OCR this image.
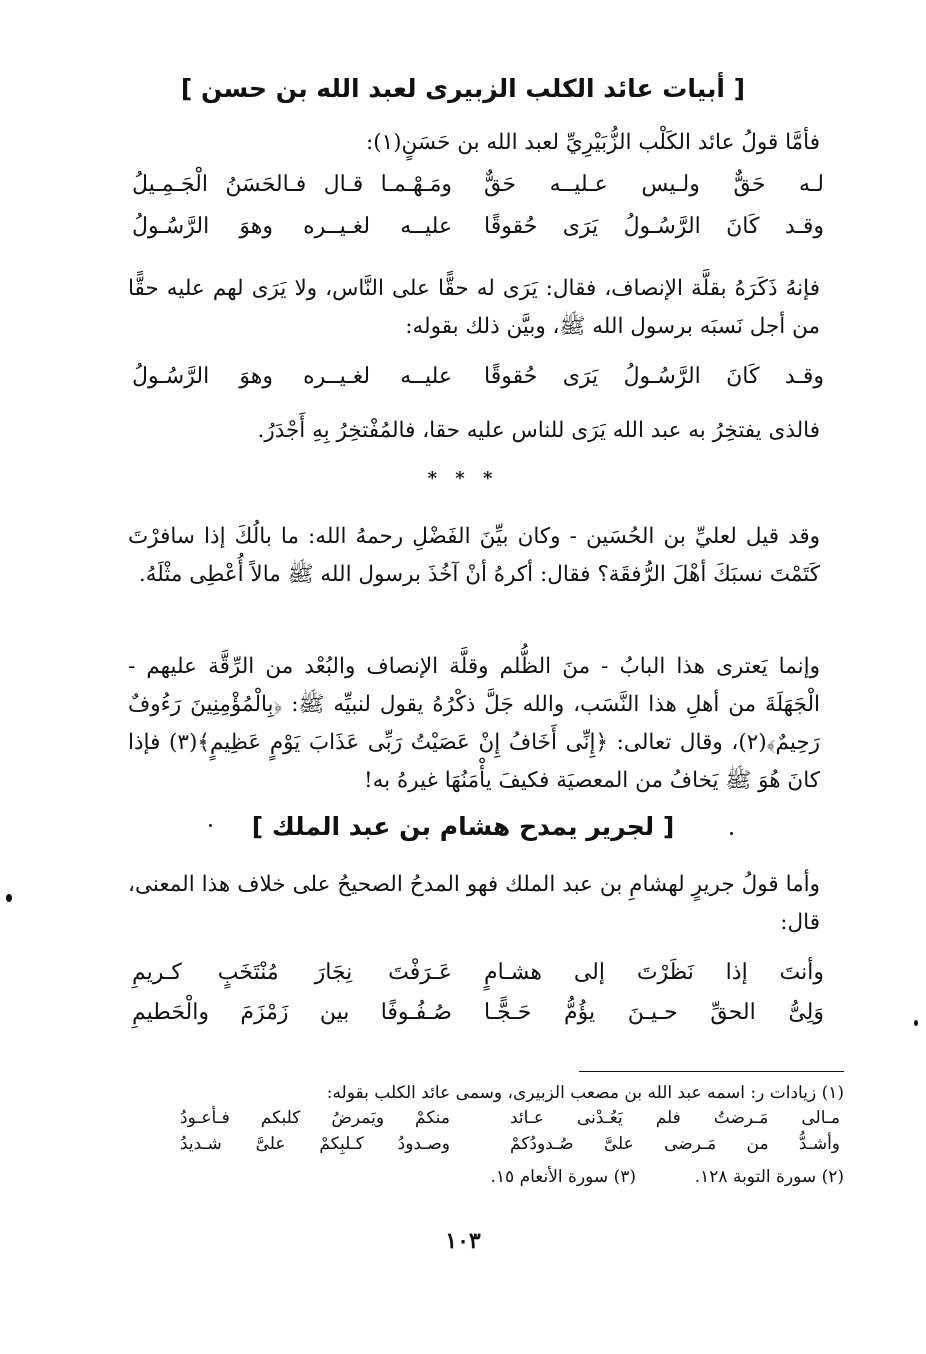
[ أبيات عائد الكلب الزبيرى لعبد الله بن حسن ]
فأمَّا قولُ عائد الكَلْب الزُّبَيْرِيِّ لعبد الله بن حَسَنٍ(١):
لـه حَقٌّ ولـيس عـليــه حَقٌّ
ومَـهْـمـا قـال فـالحَسَنُ الْجَـمِـيلُ
وقـد كَانَ الرَّسُـولُ يَرَى حُقوقًا
عليــه لغـيــره وهوَ الرَّسُـولُ
فإنهُ ذَكَرَهُ بقلَّة الإنصاف، فقال: يَرَى له حقًّا على النَّاس، ولا يَرَى لهم عليه حقًّا من أجل نَسبَه برسول الله ﷺ، وبيَّن ذلك بقوله:
وقـد كَانَ الرَّسُـولُ يَرَى حُقوقًا
عليــه لغـيــره وهوَ الرَّسُـولُ
فالذى يفتخِرُ به عبد الله يَرَى للناس عليه حقا، فالمُفْتخِرُ بِهِ أَجْدَرُ.
* * *
وقد قيل لعليِّ بن الحُسَين - وكان بيِّنَ الفَضْلِ رحمهُ الله: ما بالُكَ إذا سافرْتَ كَتَمْتَ نسبَكَ أهْلَ الرُّفقَة؟ فقال: أكرهُ أنْ آخُذَ برسول الله ﷺ مالاً أُعْطِى مثْلَهُ.
وإنما يَعترى هذا البابُ - منَ الظُّلم وقلَّة الإنصاف والبُعْد من الرِّقَّة عليهم - الْجَهَلَةَ من أهلِ هذا النَّسَب، والله جَلَّ ذكْرُهُ يقول لنبيِّه ﷺ: ﴿بِالْمُؤْمِنِينَ رَءُوفٌ رَحِيمٌ﴾(٢)، وقال تعالى: ﴿إِنِّى أَخَافُ إِنْ عَصَيْتُ رَبِّى عَذَابَ يَوْمٍ عَظِيمٍ﴾(٣) فإذا كانَ هُوَ ﷺ يَخافُ من المعصيَة فكيفَ يأْمَنُهَا غيرهُ به!
[ لجرير يمدح هشام بن عبد الملك ]
وأما قولُ جريرٍ لهشامِ بن عبد الملك فهو المدحُ الصحيحُ على خلاف هذا المعنى، قال:
وأنتَ إذا نَظَرْتَ إلى هشـامٍ
عَـرَفْتَ نِجَارَ مُنْتَخَبٍ كـريمِ
وَلِىُّ الحقِّ حـيـنَ يؤُمُّ حَـجًّـا
صُـفُـوفًا بين زَمْزَمَ والْحَطيمِ
(١) زيادات ر: اسمه عبد الله بن مصعب الزبيرى، وسمى عائد الكلب بقوله:
مـالى مَـرضتُ فلم يَعُـدْنى عـائد
منكمْ ويَمرضُ كلبكم فـأعـودُ
وأشـدُّ من مَـرضى علىَّ صُـدودُكمْ
وصـدودُ كـلبِكمْ علىَّ شـديدُ
(٢) سورة التوبة ١٢٨.
(٣) سورة الأنعام ١٥.
١٠٣
